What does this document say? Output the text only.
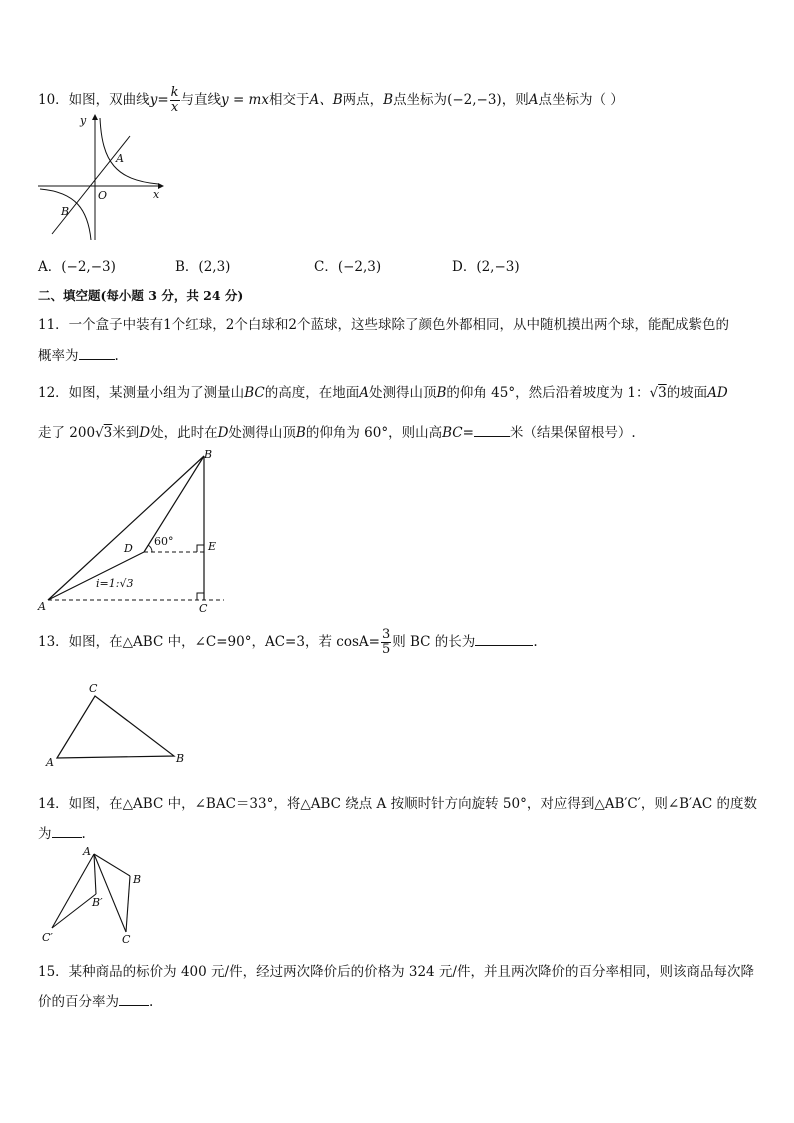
10．如图，双曲线$y= \frac{k}{x}$ 与直线y = mx相交于A、B两点，B点坐标为(−2,−3)，则A点坐标为（ ）
y
x
O
A
B
A．(−2,−3)	B．(2,3)	C．(−2,3)	D．(2,−3)
二、填空题(每小题 3 分，共 24 分)
11．一个盒子中装有1个红球，2个白球和2个蓝球，这些球除了颜色外都相同，从中随机摸出两个球，能配成紫色的
概率为	.
12．如图，某测量小组为了测量山BC的高度，在地面A处测得山顶B的仰角 45°，然后沿着坡度为 1：√3的坡面AD
走了 200√3米到D处，此时在D处测得山顶B的仰角为 60°，则山高BC=	米（结果保留根号）.
B
E
D
A	C
60°
i=1:√3
13．如图，在△ABC 中，∠C=90°，AC=3，若 $\cos A= \frac{3}{5}$ 则 BC 的长为	.
C
A	B
14．如图，在△ABC 中，∠BAC＝33°，将△ABC 绕点 A 按顺时针方向旋转 50°，对应得到△AB′C′，则∠B′AC 的度数
为 .
A
B
B′
C′	C
15．某种商品的标价为 400 元/件，经过两次降价后的价格为 324 元/件，并且两次降价的百分率相同，则该商品每次降
价的百分率为 .
